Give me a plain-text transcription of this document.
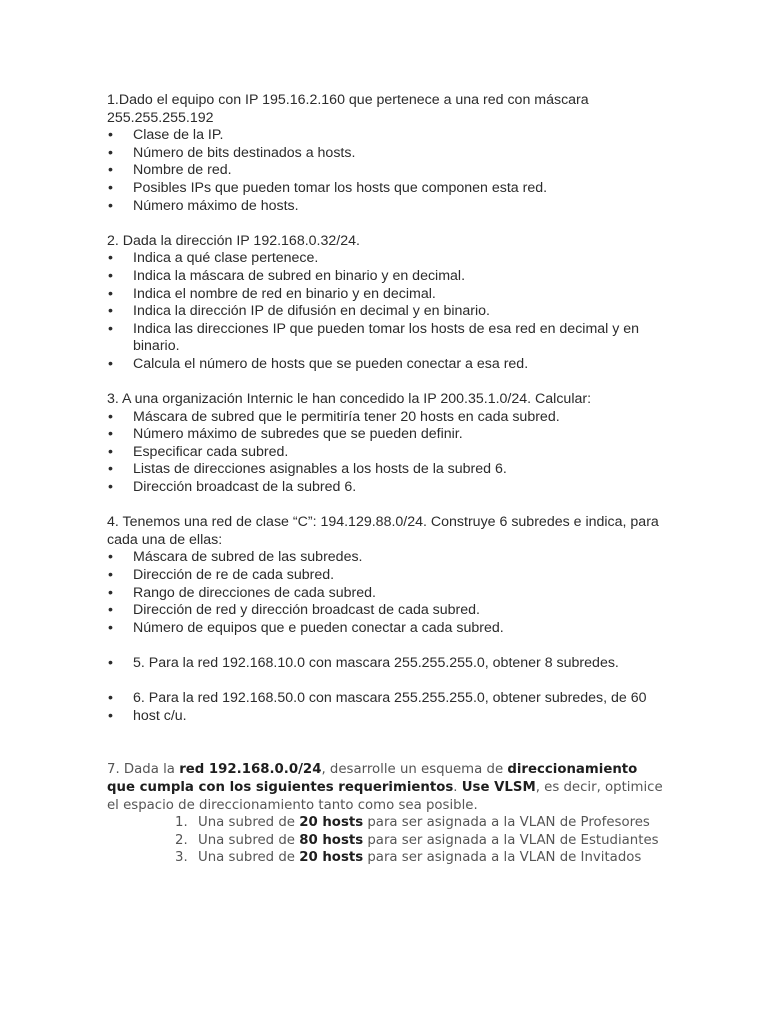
1.Dado el equipo con IP 195.16.2.160 que pertenece a una red con máscara 255.255.255.192

• Clase de la IP.
• Número de bits destinados a hosts.
• Nombre de red.
• Posibles IPs que pueden tomar los hosts que componen esta red.
• Número máximo de hosts.

2. Dada la dirección IP 192.168.0.32/24.

• Indica a qué clase pertenece.
• Indica la máscara de subred en binario y en decimal.
• Indica el nombre de red en binario y en decimal.
• Indica la dirección IP de difusión en decimal y en binario.
• Indica las direcciones IP que pueden tomar los hosts de esa red en decimal y en binario.
• Calcula el número de hosts que se pueden conectar a esa red.

3. A una organización Internic le han concedido la IP 200.35.1.0/24. Calcular:

• Máscara de subred que le permitiría tener 20 hosts en cada subred.
• Número máximo de subredes que se pueden definir.
• Especificar cada subred.
• Listas de direcciones asignables a los hosts de la subred 6.
• Dirección broadcast de la subred 6.

4. Tenemos una red de clase “C”: 194.129.88.0/24. Construye 6 subredes e indica, para cada una de ellas:

• Máscara de subred de las subredes.
• Dirección de re de cada subred.
• Rango de direcciones de cada subred.
• Dirección de red y dirección broadcast de cada subred.
• Número de equipos que e pueden conectar a cada subred.
• 5. Para la red 192.168.10.0 con mascara 255.255.255.0, obtener 8 subredes.
• 6. Para la red 192.168.50.0 con mascara 255.255.255.0, obtener subredes, de 60
• host c/u.

7. Dada la red 192.168.0.0/24, desarrolle un esquema de direccionamiento que cumpla con los siguientes requerimientos. Use VLSM, es decir, optimice el espacio de direccionamiento tanto como sea posible.

1. Una subred de 20 hosts para ser asignada a la VLAN de Profesores
2. Una subred de 80 hosts para ser asignada a la VLAN de Estudiantes
3. Una subred de 20 hosts para ser asignada a la VLAN de Invitados
